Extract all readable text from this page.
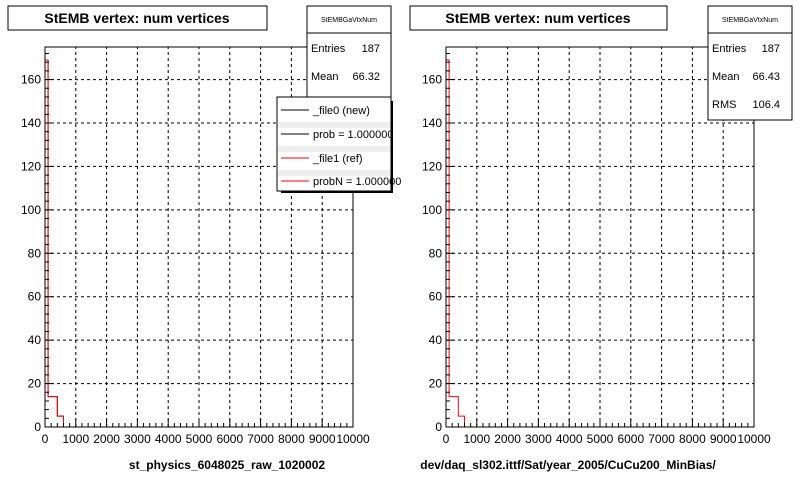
StEMB vertex: num vertices
0 1000 2000 3000 4000 5000 6000 7000 8000 9000 10000
0
20
40
60
80
100
120
140
160
st_physics_6048025_raw_1020002
StEMB vertex: num vertices
0 1000 2000 3000 4000 5000 6000 7000 8000 9000 10000
0
20
40
60
80
100
120
140
160
dev/daq_sl302.ittf/Sat/year_2005/CuCu200_MinBias/
StEMBGaVtxNum
Entries 187
Mean 66.32
_file0 (new)
prob = 1.000000
_file1 (ref)
probN = 1.000000
StEMBGaVtxNum
Entries 187
Mean 66.43
RMS 106.4
